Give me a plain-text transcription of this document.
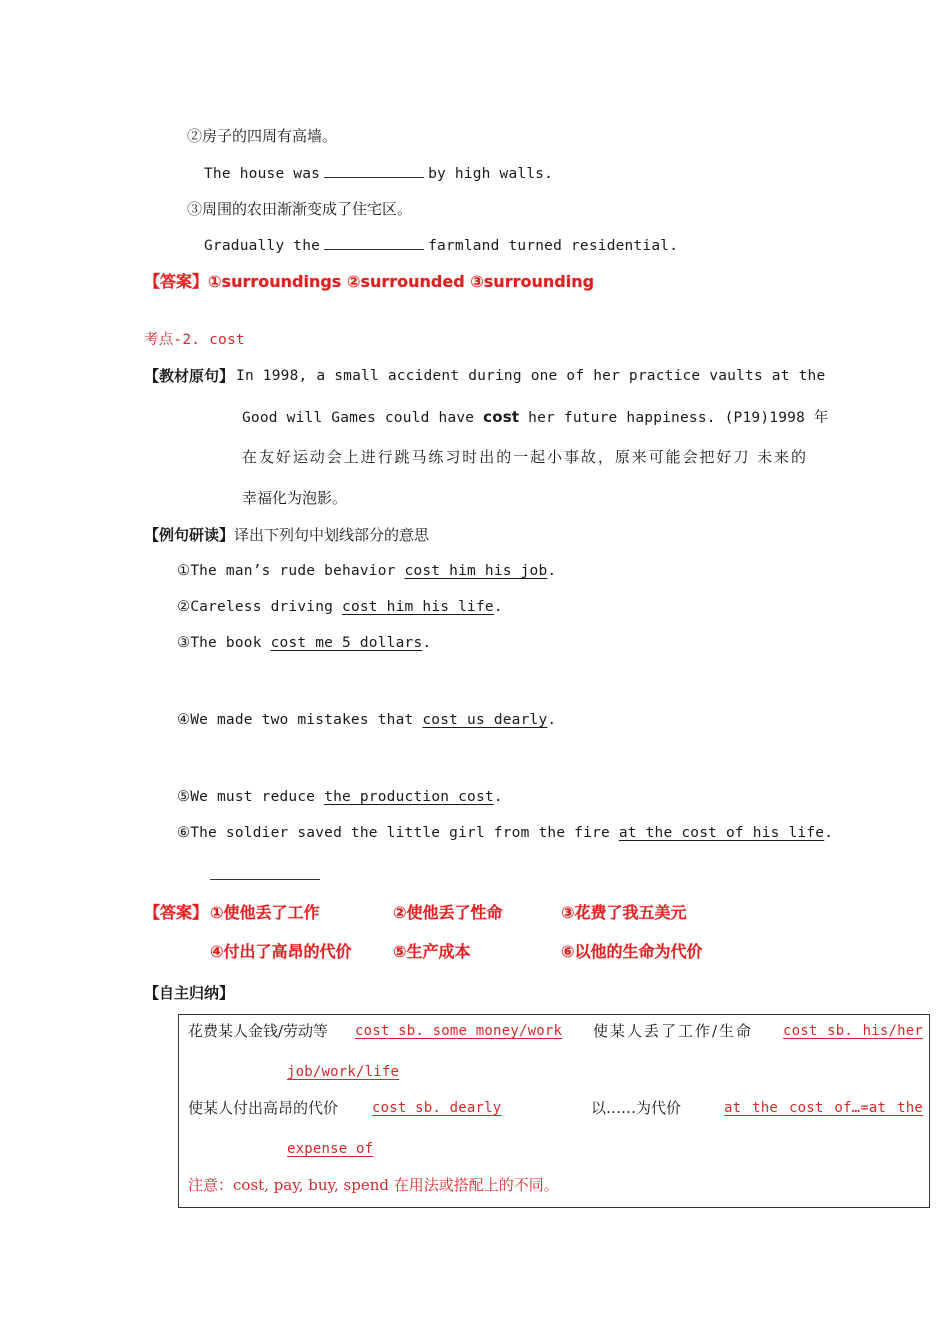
②房子的四周有高墙。
The house was	by high walls.
③周围的农田渐渐变成了住宅区。
Gradually the	farmland turned residential.
【答案】①surroundings ②surrounded ③surrounding
考点-2. cost
【教材原句】 In 1998, a small accident during one of her practice vaults at the
Good will Games could have cost her future happiness. (P19)1998 年
在友好运动会上进行跳马练习时出的一起小事故，原来可能会把好刀 未来的
幸福化为泡影。
【例句研读】译出下列句中划线部分的意思
①The man’s rude behavior cost him his job.
②Careless driving cost him his life.
③The book cost me 5 dollars.
④We made two mistakes that cost us dearly.
⑤We must reduce the production cost.
⑥The soldier saved the little girl from the fire at the cost of his life.
【答案】 ①使他丢了工作	②使他丢了性命	③花费了我五美元
④付出了高昂的代价	⑤生产成本	⑥以他的生命为代价
【自主归纳】
花费某人金钱/劳动等 cost sb. some money/work 使某人丢了工作/生命 cost sb. his/her
job/work/life
使某人付出高昂的代价 cost sb. dearly	以……为代价	at the cost of…=at the
expense of
注意：cost, pay, buy, spend 在用法或搭配上的不同。
